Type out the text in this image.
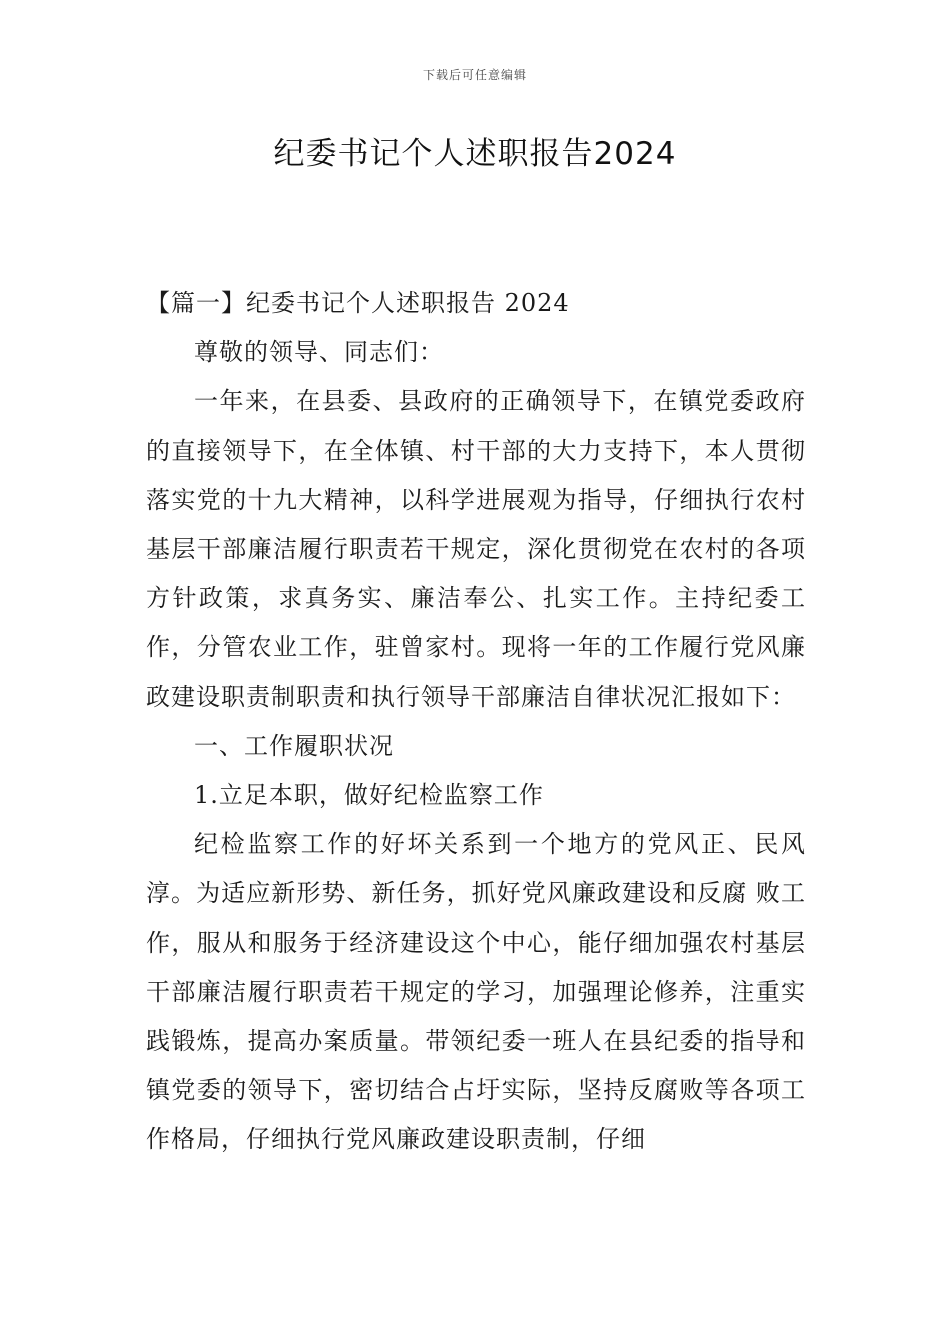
下载后可任意编辑
纪委书记个人述职报告2024

【篇一】纪委书记个人述职报告 2024

尊敬的领导、同志们：

一年来，在县委、县政府的正确领导下，在镇党委政府的直接领导下，在全体镇、村干部的大力支持下，本人贯彻落实党的十九大精神，以科学进展观为指导，仔细执行农村基层干部廉洁履行职责若干规定，深化贯彻党在农村的各项方针政策，求真务实、廉洁奉公、扎实工作。主持纪委工作，分管农业工作，驻曾家村。现将一年的工作履行党风廉政建设职责制职责和执行领导干部廉洁自律状况汇报如下：

一、工作履职状况

1.立足本职，做好纪检监察工作

纪检监察工作的好坏关系到一个地方的党风正、民风淳。为适应新形势、新任务，抓好党风廉政建设和反腐 败工作，服从和服务于经济建设这个中心，能仔细加强农村基层干部廉洁履行职责若干规定的学习，加强理论修养，注重实践锻炼，提高办案质量。带领纪委一班人在县纪委的指导和镇党委的领导下，密切结合占圩实际，坚持反腐败等各项工作格局，仔细执行党风廉政建设职责制，仔细
